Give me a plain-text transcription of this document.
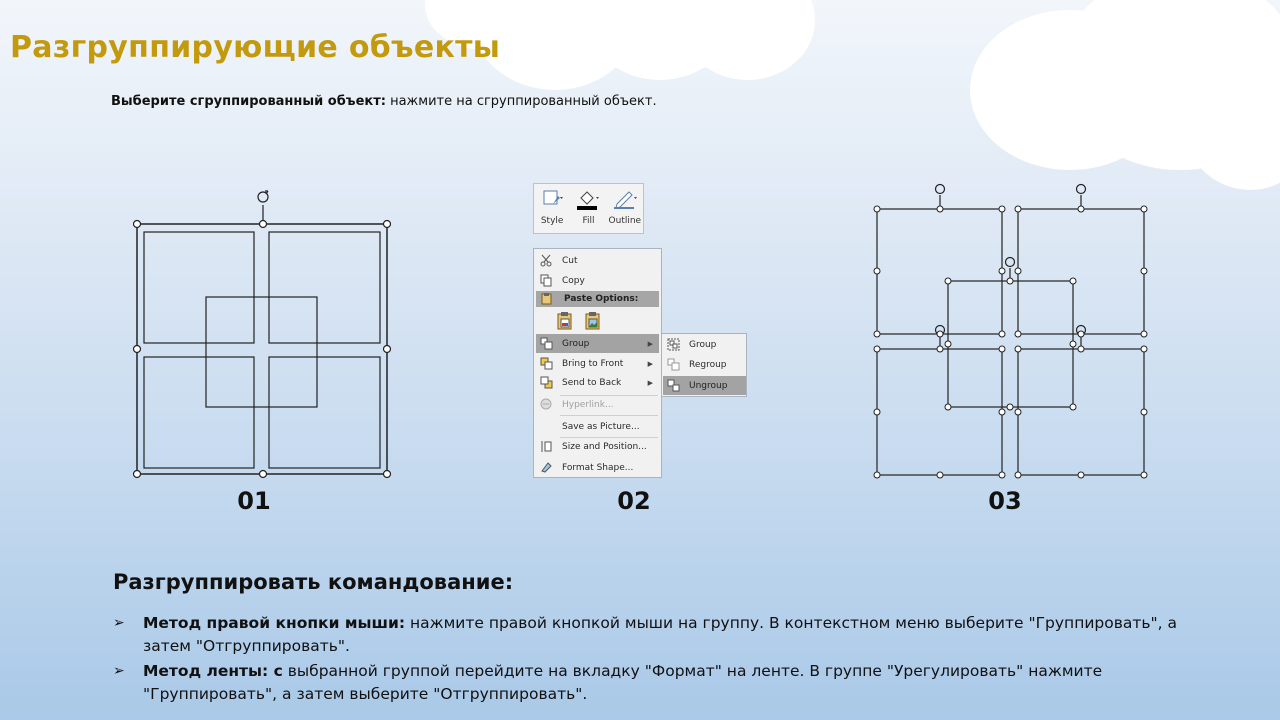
Разгруппирующие объекты
Выберите сгруппированный объект: нажмите на сгруппированный объект.
Style Fill Outline
Cut
Copy
Paste Options:
Group	▶
Bring to Front	▶
Send to Back	▶
Hyperlink...
Save as Picture...
Size and Position...
Format Shape...
Group
Regroup
Ungroup
01	02	03
Разгруппировать командование:
➢ Метод правой кнопки мыши: нажмите правой кнопкой мыши на группу. В контекстном меню выберите "Группировать", а затем "Отгруппировать".
➢ Метод ленты: с выбранной группой перейдите на вкладку "Формат" на ленте. В группе "Урегулировать" нажмите "Группировать", а затем выберите "Отгруппировать".
